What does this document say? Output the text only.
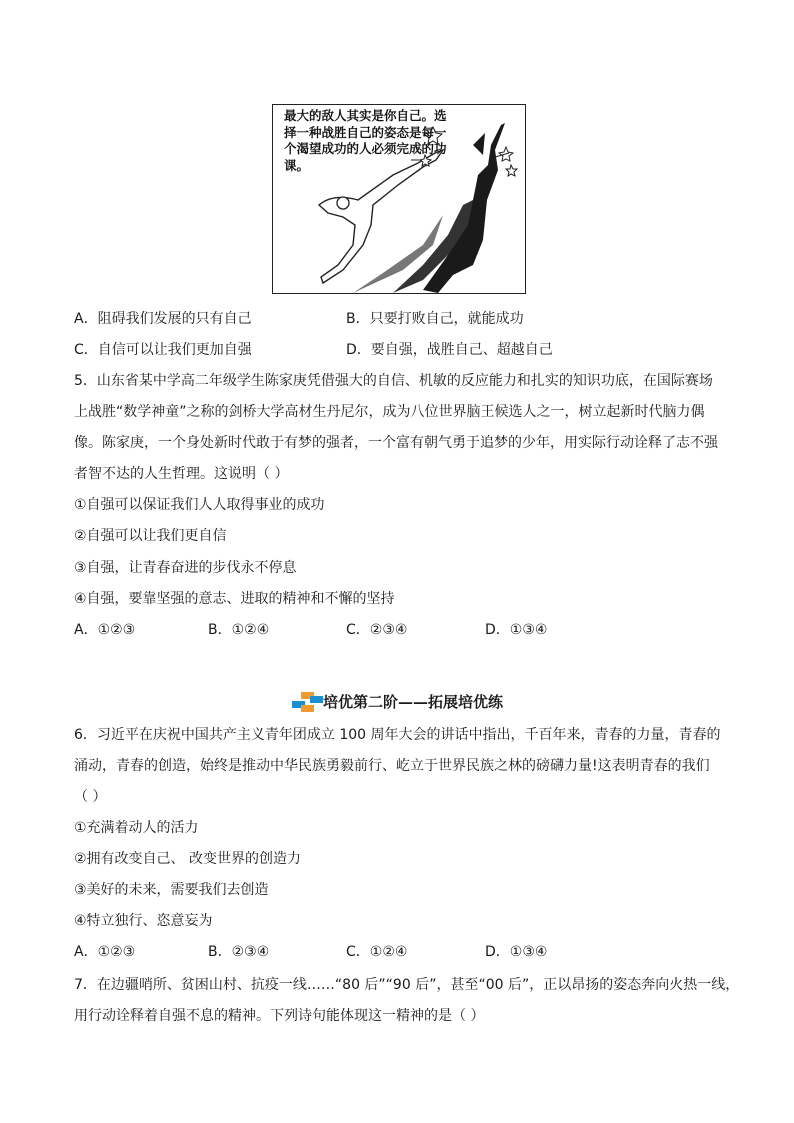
最大的敌人其实是你自己。选择一种战胜自己的姿态是每一个渴望成功的人必须完成的功课。
A．阻碍我们发展的只有自己	B．只要打败自己，就能成功
C．自信可以让我们更加自强	D．要自强，战胜自己、超越自己
5．山东省某中学高二年级学生陈家庚凭借强大的自信、机敏的反应能力和扎实的知识功底，在国际赛场
上战胜“数学神童”之称的剑桥大学高材生丹尼尔，成为八位世界脑王候选人之一，树立起新时代脑力偶
像。陈家庚，一个身处新时代敢于有梦的强者，一个富有朝气勇于追梦的少年，用实际行动诠释了志不强
者智不达的人生哲理。这说明（ ）
①自强可以保证我们人人取得事业的成功
②自强可以让我们更自信
③自强，让青春奋进的步伐永不停息
④自强，要靠坚强的意志、进取的精神和不懈的坚持
A．①②③	B．①②④	C．②③④	D．①③④
培优第二阶——拓展培优练
6．习近平在庆祝中国共产主义青年团成立 100 周年大会的讲话中指出，千百年来，青春的力量，青春的
涌动，青春的创造，始终是推动中华民族勇毅前行、屹立于世界民族之林的磅礴力量!这表明青春的我们
（ ）
①充满着动人的活力
②拥有改变自己、 改变世界的创造力
③美好的未来，需要我们去创造
④特立独行、恣意妄为
A．①②③	B．②③④	C．①②④	D．①③④
7．在边疆哨所、贫困山村、抗疫一线……“80 后”“90 后”，甚至“00 后”，正以昂扬的姿态奔向火热一线，
用行动诠释着自强不息的精神。下列诗句能体现这一精神的是（ ）
